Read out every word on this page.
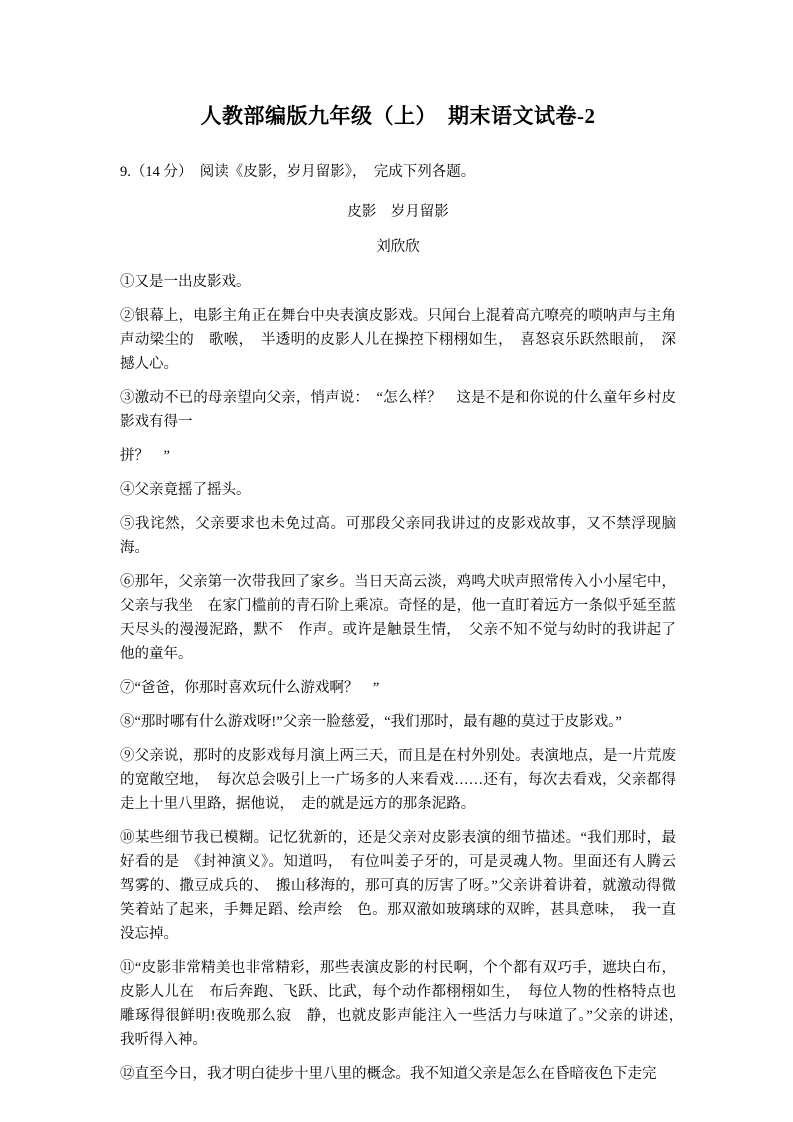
人教部编版九年级（上）　期末语文试卷-2

9.（14 分）　阅读《皮影，岁月留影》，　完成下列各题。

皮影　岁月留影

刘欣欣

①又是一出皮影戏。

②银幕上，电影主角正在舞台中央表演皮影戏。只闻台上混着高亢嘹亮的唢呐声与主角声动梁尘的　歌喉，　半透明的皮影人儿在操控下栩栩如生，　喜怒哀乐跃然眼前，　深撼人心。

③激动不已的母亲望向父亲，悄声说：　“怎么样？　这是不是和你说的什么童年乡村皮影戏有得一

拼？　”

④父亲竟摇了摇头。

⑤我诧然，父亲要求也未免过高。可那段父亲同我讲过的皮影戏故事，又不禁浮现脑海。

⑥那年，父亲第一次带我回了家乡。当日天高云淡，鸡鸣犬吠声照常传入小小屋宅中，父亲与我坐　在家门槛前的青石阶上乘凉。奇怪的是，他一直盯着远方一条似乎延至蓝天尽头的漫漫泥路，默不　作声。或许是触景生情，　父亲不知不觉与幼时的我讲起了他的童年。

⑦“爸爸，你那时喜欢玩什么游戏啊？　”

⑧“那时哪有什么游戏呀!”父亲一脸慈爱，“我们那时，最有趣的莫过于皮影戏。”

⑨父亲说，那时的皮影戏每月演上两三天，而且是在村外别处。表演地点，是一片荒废的宽敞空地，　每次总会吸引上一广场多的人来看戏……还有，每次去看戏，父亲都得走上十里八里路，据他说，　走的就是远方的那条泥路。

⑩某些细节我已模糊。记忆犹新的，还是父亲对皮影表演的细节描述。“我们那时，最好看的是　《封神演义》。知道吗，　有位叫姜子牙的，可是灵魂人物。里面还有人腾云驾雾的、撒豆成兵的、　搬山移海的，那可真的厉害了呀。”父亲讲着讲着，就激动得微笑着站了起来，手舞足蹈、绘声绘　色。那双澈如玻璃球的双眸，甚具意味，　我一直没忘掉。

⑪“皮影非常精美也非常精彩，那些表演皮影的村民啊，个个都有双巧手，遮块白布，皮影人儿在　布后奔跑、飞跃、比武，每个动作都栩栩如生，　每位人物的性格特点也雕琢得很鲜明!夜晚那么寂　静，也就皮影声能注入一些活力与味道了。”父亲的讲述，　我听得入神。

⑫直至今日，我才明白徒步十里八里的概念。我不知道父亲是怎么在昏暗夜色下走完
